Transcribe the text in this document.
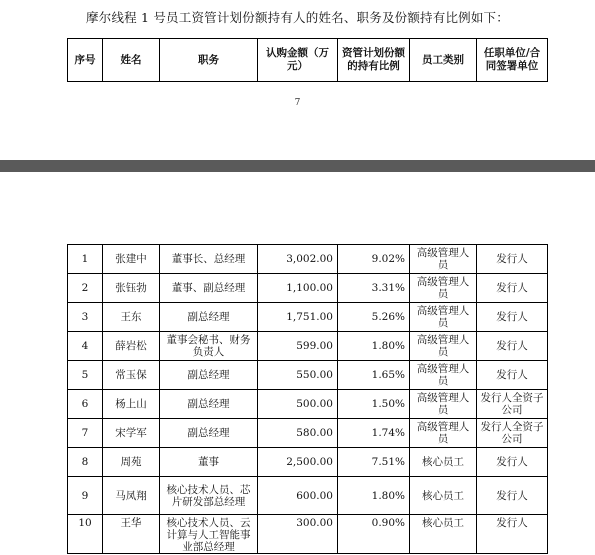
摩尔线程 1 号员工资管计划份额持有人的姓名、职务及份额持有比例如下：
序号	姓名	职务	认购金额（万元）	资管计划份额的持有比例	员工类别	任职单位/合同签署单位
7
1	张建中	董事长、总经理	3,002.00	9.02%	高级管理人员	发行人
2	张钰勃	董事、副总经理	1,100.00	3.31%	高级管理人员	发行人
3	王东	副总经理	1,751.00	5.26%	高级管理人员	发行人
4	薛岩松	董事会秘书、财务负责人	599.00	1.80%	高级管理人员	发行人
5	常玉保	副总经理	550.00	1.65%	高级管理人员	发行人
6	杨上山	副总经理	500.00	1.50%	高级管理人员	发行人全资子公司
7	宋学军	副总经理	580.00	1.74%	高级管理人员	发行人全资子公司
8	周苑	董事	2,500.00	7.51%	核心员工	发行人
9	马凤翔	核心技术人员、芯片研发部总经理	600.00	1.80%	核心员工	发行人
10	王华	核心技术人员、云计算与人工智能事业部总经理	300.00	0.90%	核心员工	发行人
